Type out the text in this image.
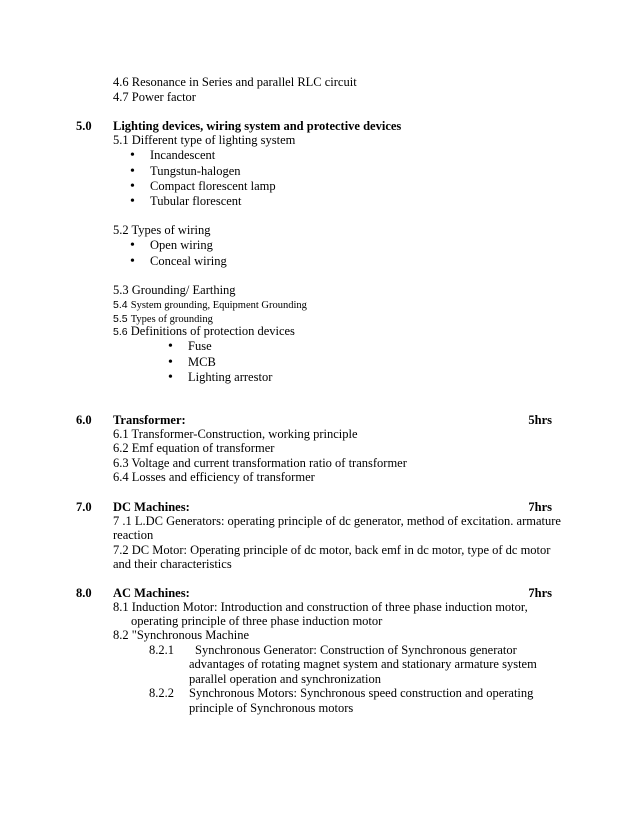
4.6 Resonance in Series and parallel RLC circuit
4.7 Power factor
5.0 Lighting devices, wiring system and protective devices
5.1 Different type of lighting system
• Incandescent
• Tungstun-halogen
• Compact florescent lamp
• Tubular florescent
5.2 Types of wiring
• Open wiring
• Conceal wiring
5.3 Grounding/ Earthing
5.4 System grounding, Equipment Grounding
5.5 Types of grounding
5.6 Definitions of protection devices
• Fuse
• MCB
• Lighting arrestor
6.0 Transformer:	5hrs
6.1 Transformer-Construction, working principle
6.2 Emf equation of transformer
6.3 Voltage and current transformation ratio of transformer
6.4 Losses and efficiency of transformer
7.0 DC Machines:	7hrs
7 .1 L.DC Generators: operating principle of dc generator, method of excitation. armature
reaction
7.2 DC Motor: Operating principle of dc motor, back emf in dc motor, type of dc motor
and their characteristics
8.0 AC Machines:	7hrs
8.1 Induction Motor: Introduction and construction of three phase induction motor,
operating principle of three phase induction motor
8.2 "Synchronous Machine
8.2.1 Synchronous Generator: Construction of Synchronous generator
advantages of rotating magnet system and stationary armature system
parallel operation and synchronization
8.2.2 Synchronous Motors: Synchronous speed construction and operating
principle of Synchronous motors
